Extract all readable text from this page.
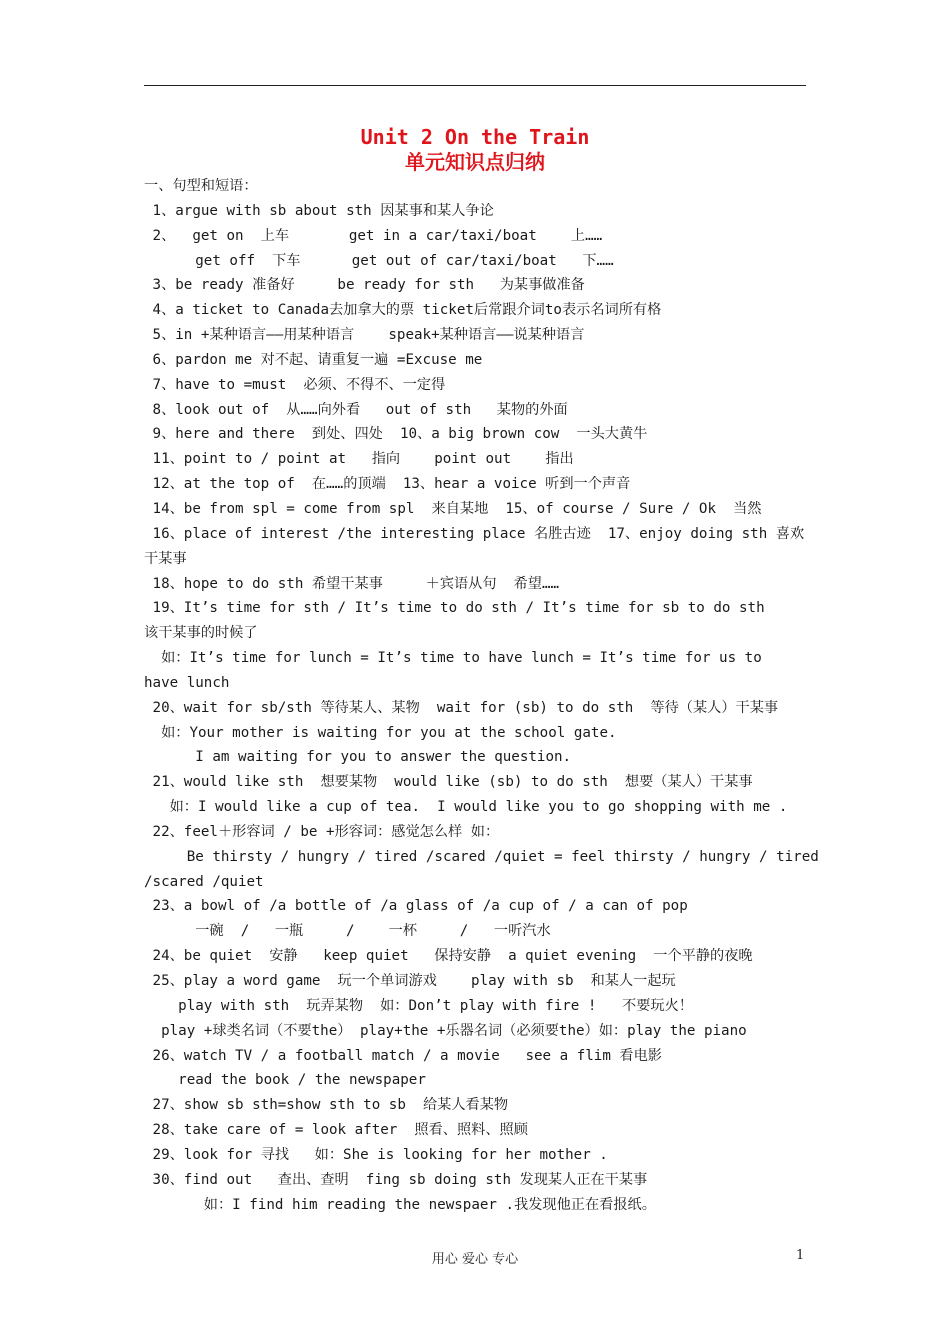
Unit 2 On the Train
单元知识点归纳
一、句型和短语：
1、argue with sb about sth 因某事和某人争论
2、  get on  上车       get in a car/taxi/boat    上……
get off  下车      get out of car/taxi/boat   下……
3、be ready 准备好     be ready for sth   为某事做准备
4、a ticket to Canada去加拿大的票 ticket后常跟介词to表示名词所有格
5、in +某种语言——用某种语言    speak+某种语言——说某种语言
6、pardon me 对不起、请重复一遍 =Excuse me
7、have to =must  必须、不得不、一定得
8、look out of  从……向外看   out of sth   某物的外面
9、here and there  到处、四处  10、a big brown cow  一头大黄牛
11、point to / point at   指向    point out    指出
12、at the top of  在……的顶端  13、hear a voice 听到一个声音
14、be from spl = come from spl  来自某地  15、of course / Sure / Ok  当然
16、place of interest /the interesting place 名胜古迹  17、enjoy doing sth 喜欢
干某事
18、hope to do sth 希望干某事     ＋宾语从句  希望……
19、It’s time for sth / It’s time to do sth / It’s time for sb to do sth
该干某事的时候了
如：It’s time for lunch = It’s time to have lunch = It’s time for us to
have lunch
20、wait for sb/sth 等待某人、某物  wait for (sb) to do sth  等待（某人）干某事
如：Your mother is waiting for you at the school gate.
I am waiting for you to answer the question.
21、would like sth  想要某物  would like (sb) to do sth  想要（某人）干某事
如：I would like a cup of tea.  I would like you to go shopping with me .
22、feel＋形容词 / be +形容词：感觉怎么样 如：
Be thirsty / hungry / tired /scared /quiet = feel thirsty / hungry / tired
/scared /quiet
23、a bowl of /a bottle of /a glass of /a cup of / a can of pop
一碗  /   一瓶     /    一杯     /   一听汽水
24、be quiet  安静   keep quiet   保持安静  a quiet evening  一个平静的夜晚
25、play a word game  玩一个单词游戏    play with sb  和某人一起玩
play with sth  玩弄某物  如：Don’t play with fire !   不要玩火！
play +球类名词（不要the） play+the +乐器名词（必须要the）如：play the piano
26、watch TV / a football match / a movie   see a flim 看电影
read the book / the newspaper
27、show sb sth=show sth to sb  给某人看某物
28、take care of = look after  照看、照料、照顾
29、look for 寻找   如：She is looking for her mother .
30、find out   查出、查明  fing sb doing sth 发现某人正在干某事
如：I find him reading the newspaer .我发现他正在看报纸。
用心 爱心 专心	1
